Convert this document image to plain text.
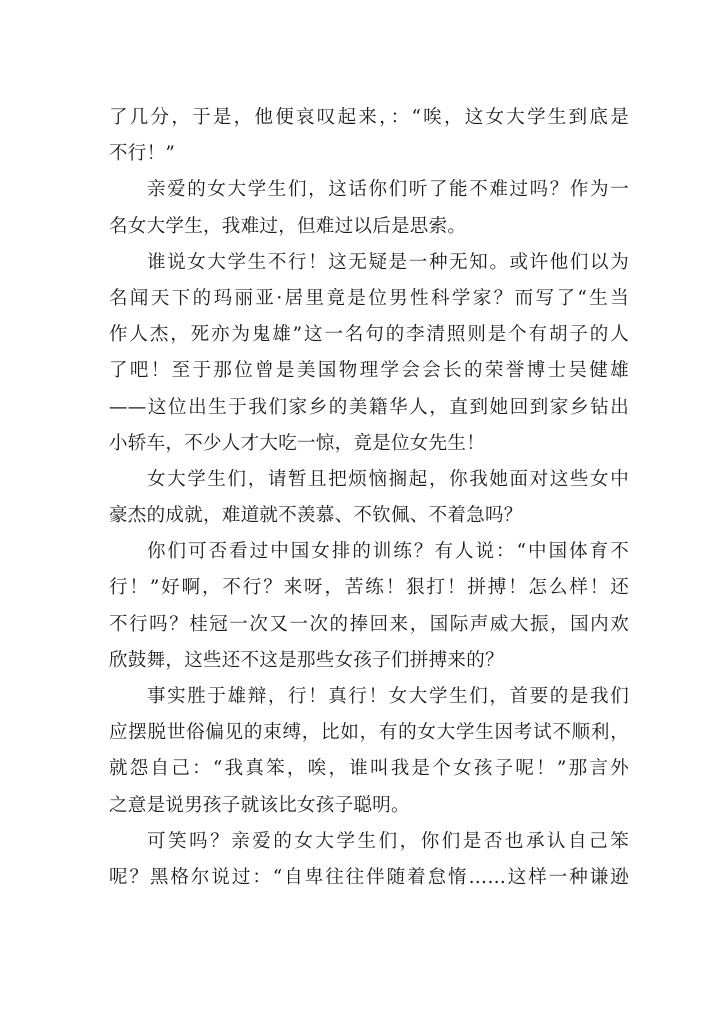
了几分，于是，他便哀叹起来，：“唉，这女大学生到底是
不行！”
亲爱的女大学生们，这话你们听了能不难过吗？作为一
名女大学生，我难过，但难过以后是思索。
谁说女大学生不行！这无疑是一种无知。或许他们以为
名闻天下的玛丽亚·居里竟是位男性科学家？而写了“生当
作人杰，死亦为鬼雄”这一名句的李清照则是个有胡子的人
了吧！至于那位曾是美国物理学会会长的荣誉博士吴健雄
——这位出生于我们家乡的美籍华人，直到她回到家乡钻出
小轿车，不少人才大吃一惊，竟是位女先生！
女大学生们，请暂且把烦恼搁起，你我她面对这些女中
豪杰的成就，难道就不羡慕、不钦佩、不着急吗？
你们可否看过中国女排的训练？有人说：“中国体育不
行！”好啊，不行？来呀，苦练！狠打！拼搏！怎么样！还
不行吗？桂冠一次又一次的捧回来，国际声威大振，国内欢
欣鼓舞，这些还不这是那些女孩子们拼搏来的？
事实胜于雄辩，行！真行！女大学生们，首要的是我们
应摆脱世俗偏见的束缚，比如，有的女大学生因考试不顺利，
就怨自己：“我真笨，唉，谁叫我是个女孩子呢！”那言外
之意是说男孩子就该比女孩子聪明。
可笑吗？亲爱的女大学生们，你们是否也承认自己笨
呢？黑格尔说过：“自卑往往伴随着怠惰……这样一种谦逊
